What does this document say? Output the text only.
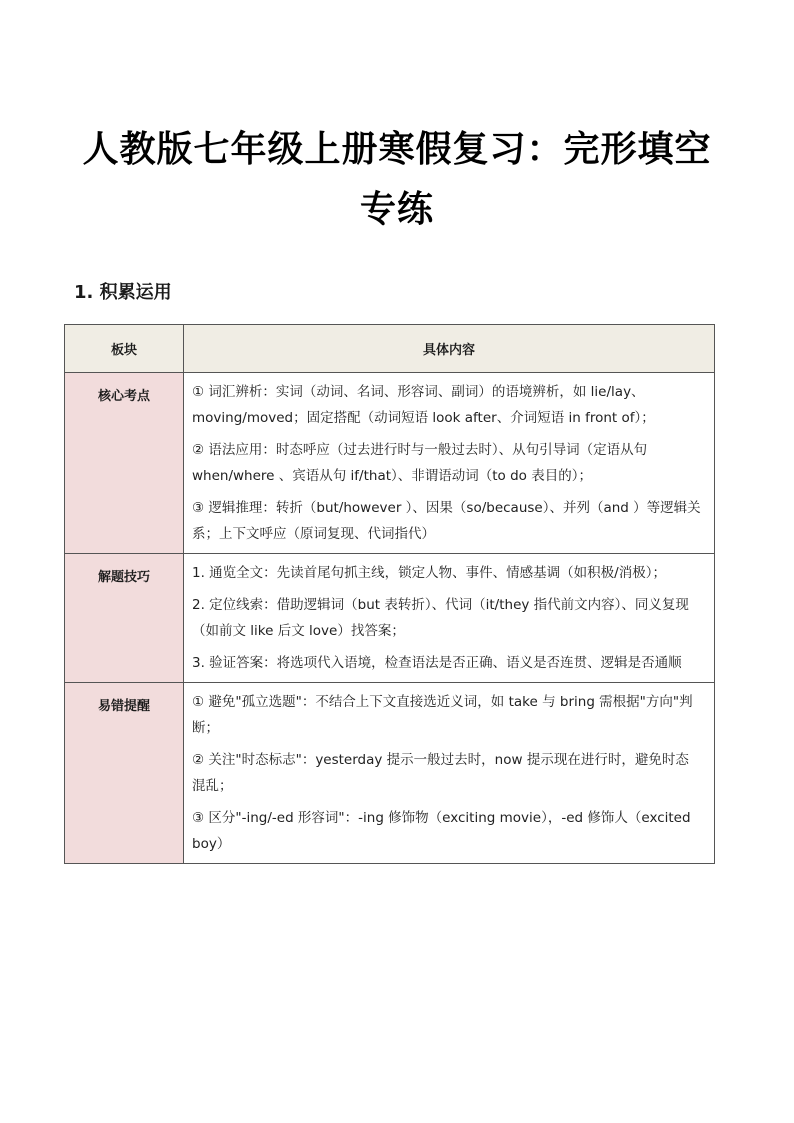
人教版七年级上册寒假复习：完形填空
专练
1. 积累运用
板块	具体内容
核心考点	① 词汇辨析：实词（动词、名词、形容词、副词）的语境辨析，如 lie/lay、moving/moved；固定搭配（动词短语 look after、介词短语 in front of）；

② 语法应用：时态呼应（过去进行时与一般过去时）、从句引导词（定语从句 when/where 、宾语从句 if/that）、非谓语动词（to do 表目的）；

③ 逻辑推理：转折（but/however ）、因果（so/because）、并列（and ）等逻辑关系；上下文呼应（原词复现、代词指代）

解题技巧	1. 通览全文：先读首尾句抓主线，锁定人物、事件、情感基调（如积极/消极）；

2. 定位线索：借助逻辑词（but 表转折）、代词（it/they 指代前文内容）、同义复现（如前文 like 后文 love）找答案；

3. 验证答案：将选项代入语境，检查语法是否正确、语义是否连贯、逻辑是否通顺

易错提醒	① 避免"孤立选题"：不结合上下文直接选近义词，如 take 与 bring 需根据"方向"判断；

② 关注"时态标志"：yesterday 提示一般过去时，now 提示现在进行时，避免时态混乱；

③ 区分"-ing/-ed 形容词"：-ing 修饰物（exciting movie），-ed 修饰人（excited boy）
